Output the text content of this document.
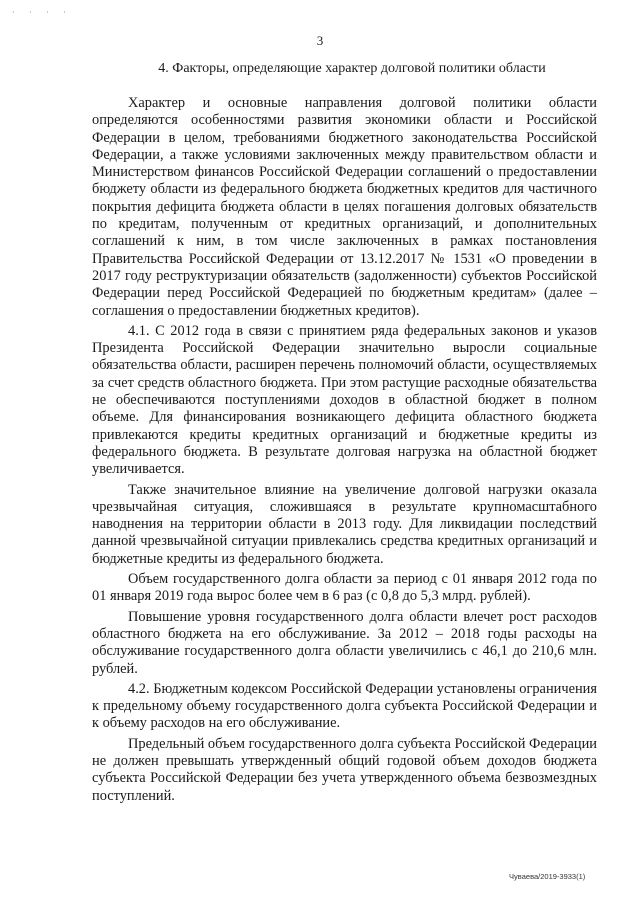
· · · ·
3
4. Факторы, определяющие характер долговой политики области

Характер и основные направления долговой политики области определяются особенностями развития экономики области и Российской Федерации в целом, требованиями бюджетного законодательства Российской Федерации, а также условиями заключенных между правительством области и Министерством финансов Российской Федерации соглашений о предоставлении бюджету области из федерального бюджета бюджетных кредитов для частичного покрытия дефицита бюджета области в целях погашения долговых обязательств по кредитам, полученным от кредитных организаций, и дополнительных соглашений к ним, в том числе заключенных в рамках постановления Правительства Российской Федерации от 13.12.2017 № 1531 «О проведении в 2017 году реструктуризации обязательств (задолженности) субъектов Российской Федерации перед Российской Федерацией по бюджетным кредитам» (далее – соглашения о предоставлении бюджетных кредитов).

4.1. С 2012 года в связи с принятием ряда федеральных законов и указов Президента Российской Федерации значительно выросли социальные обязательства области, расширен перечень полномочий области, осуществляемых за счет средств областного бюджета. При этом растущие расходные обязательства не обеспечиваются поступлениями доходов в областной бюджет в полном объеме. Для финансирования возникающего дефицита областного бюджета привлекаются кредиты кредитных организаций и бюджетные кредиты из федерального бюджета. В результате долговая нагрузка на областной бюджет увеличивается.

Также значительное влияние на увеличение долговой нагрузки оказала чрезвычайная ситуация, сложившаяся в результате крупномасштабного наводнения на территории области в 2013 году. Для ликвидации последствий данной чрезвычайной ситуации привлекались средства кредитных организаций и бюджетные кредиты из федерального бюджета.

Объем государственного долга области за период с 01 января 2012 года по 01 января 2019 года вырос более чем в 6 раз (с 0,8 до 5,3 млрд. рублей).

Повышение уровня государственного долга области влечет рост расходов областного бюджета на его обслуживание. За 2012 – 2018 годы расходы на обслуживание государственного долга области увеличились с 46,1 до 210,6 млн. рублей.

4.2. Бюджетным кодексом Российской Федерации установлены ограничения к предельному объему государственного долга субъекта Российской Федерации и к объему расходов на его обслуживание.

Предельный объем государственного долга субъекта Российской Федерации не должен превышать утвержденный общий годовой объем доходов бюджета субъекта Российской Федерации без учета утвержденного объема безвозмездных поступлений.

Чувaева/2019-3933(1)
